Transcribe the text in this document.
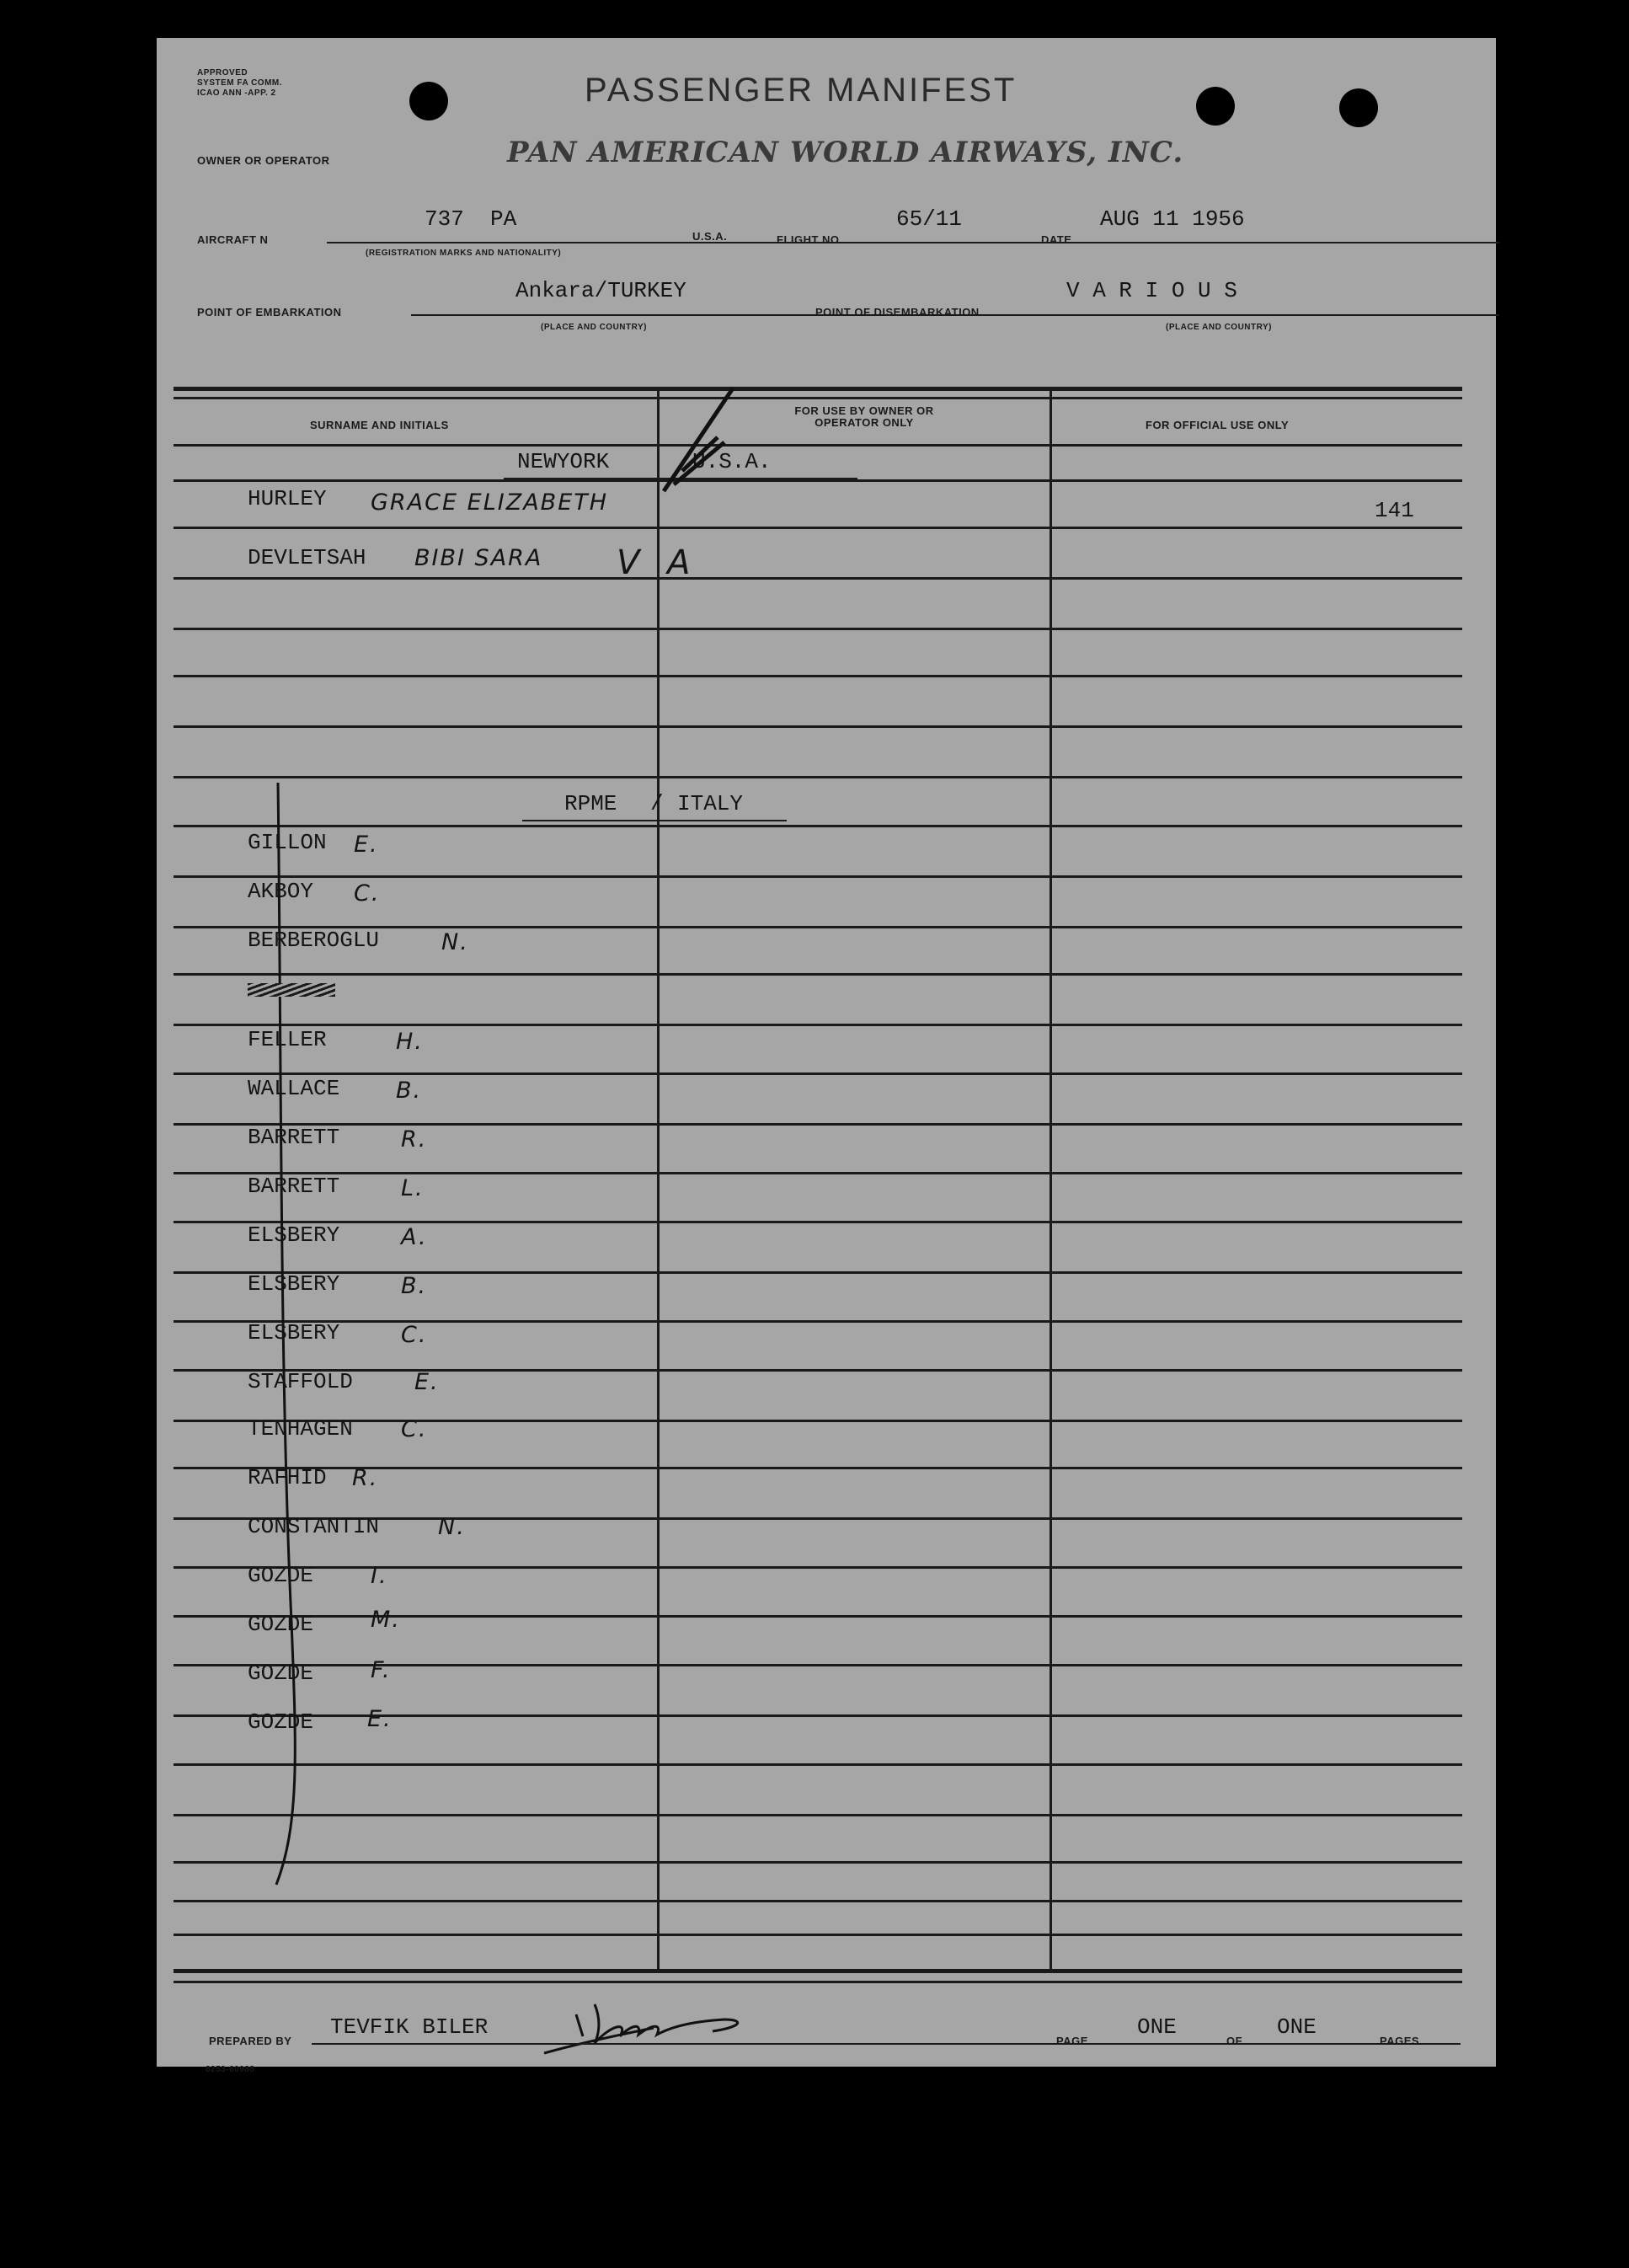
APPROVED
SYSTEM FA COMM.
ICAO ANN -APP. 2	PASSENGER MANIFEST
OWNER OR OPERATOR	PAN AMERICAN WORLD AIRWAYS, INC.
AIRCRAFT N
737  PA
(REGISTRATION MARKS AND NATIONALITY)
U.S.A.	FLIGHT NO.
65/11
DATE
AUG 11 1956
POINT OF EMBARKATION
Ankara/TURKEY
(PLACE AND COUNTRY)
POINT OF DISEMBARKATION
V A R I O U S
(PLACE AND COUNTRY)
SURNAME AND INITIALS
FOR USE BY OWNER OR OPERATOR ONLY	FOR OFFICIAL USE ONLY
NEWYORK	U.S.A.
HURLEY GRACE ELIZABETH	141
DEVLETSAH BIBI SARA V A
RPME / ITALY
GILLON E.
AKBOY C.
BERBEROGLU	N.
FELLER	H.
WALLACE B.
BARRETT	R.
BARRETT	L.
ELSBERY	A.
ELSBERY	B.
ELSBERY	C.
STAFFOLD	E.
TENHAGEN C.
RAFHID R.
CONSTANTIN	N.
GOZDE	I.
GOZDE	M.
GOZDE	F.
GOZDE E.
TEVFIK BILER
PREPARED BY
ONE
PAGE	OF
ONE
PAGES
8253-60988
